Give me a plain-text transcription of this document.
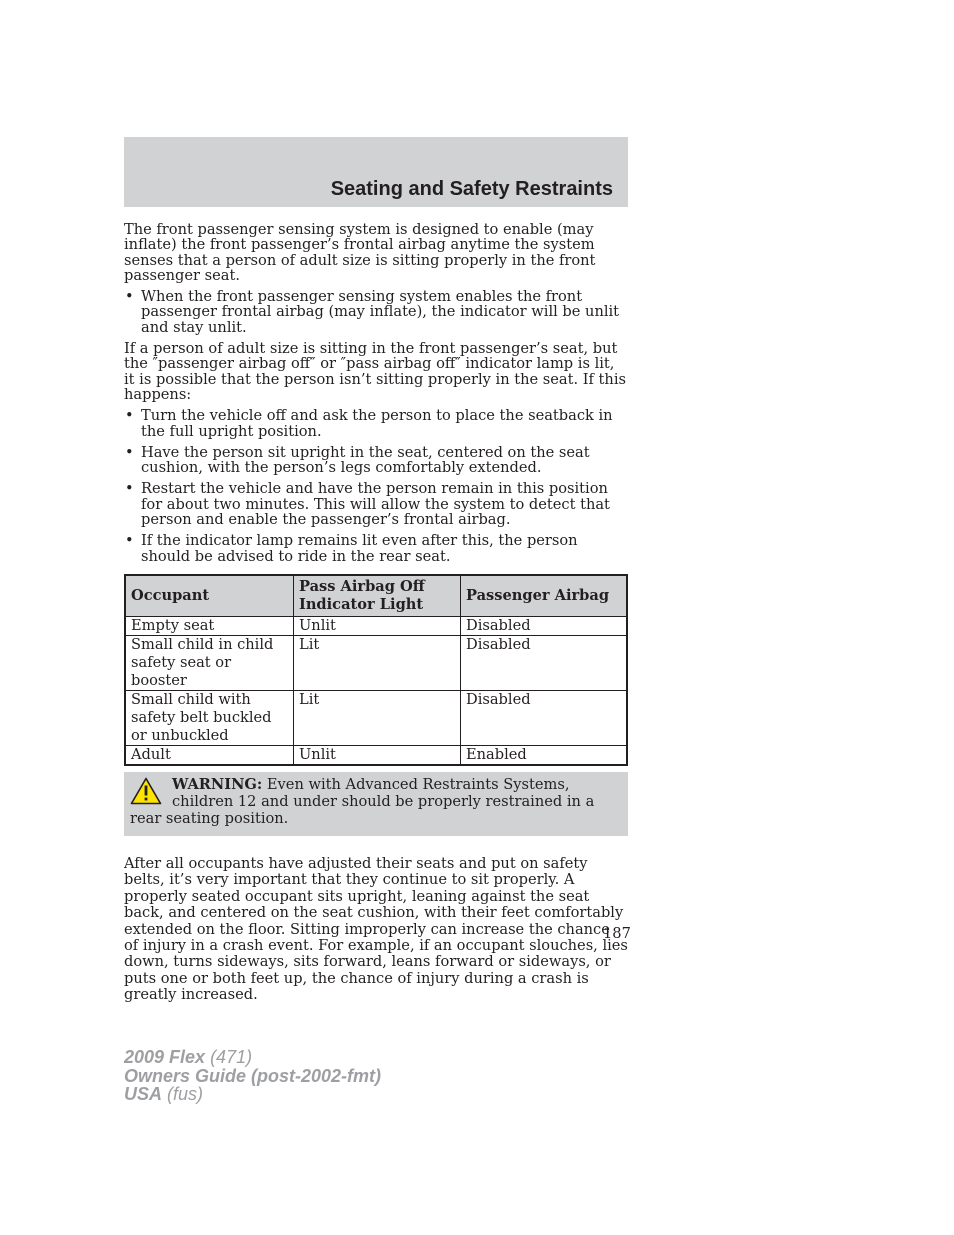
Seating and Safety Restraints

The front passenger sensing system is designed to enable (may inflate) the front passenger’s frontal airbag anytime the system senses that a person of adult size is sitting properly in the front passenger seat.

• When the front passenger sensing system enables the front passenger frontal airbag (may inflate), the indicator will be unlit and stay unlit.

If a person of adult size is sitting in the front passenger’s seat, but the ″passenger airbag off″ or ″pass airbag off″ indicator lamp is lit, it is possible that the person isn’t sitting properly in the seat. If this happens:

• Turn the vehicle off and ask the person to place the seatback in the full upright position.
• Have the person sit upright in the seat, centered on the seat cushion, with the person’s legs comfortably extended.
• Restart the vehicle and have the person remain in this position for about two minutes. This will allow the system to detect that person and enable the passenger’s frontal airbag.
• If the indicator lamp remains lit even after this, the person should be advised to ride in the rear seat.
Occupant	Pass Airbag Off Indicator Light	Passenger Airbag
Empty seat	Unlit	Disabled
Small child in child safety seat or booster	Lit	Disabled
Small child with safety belt buckled or unbuckled	Lit	Disabled
Adult	Unlit	Enabled
WARNING: Even with Advanced Restraints Systems, children 12 and under should be properly restrained in a rear seating position.

After all occupants have adjusted their seats and put on safety belts, it’s very important that they continue to sit properly. A properly seated occupant sits upright, leaning against the seat back, and centered on the seat cushion, with their feet comfortably extended on the floor. Sitting improperly can increase the chance of injury in a crash event. For example, if an occupant slouches, lies down, turns sideways, sits forward, leans forward or sideways, or puts one or both feet up, the chance of injury during a crash is greatly increased.

187
2009 Flex (471)
Owners Guide (post-2002-fmt)
USA (fus)
